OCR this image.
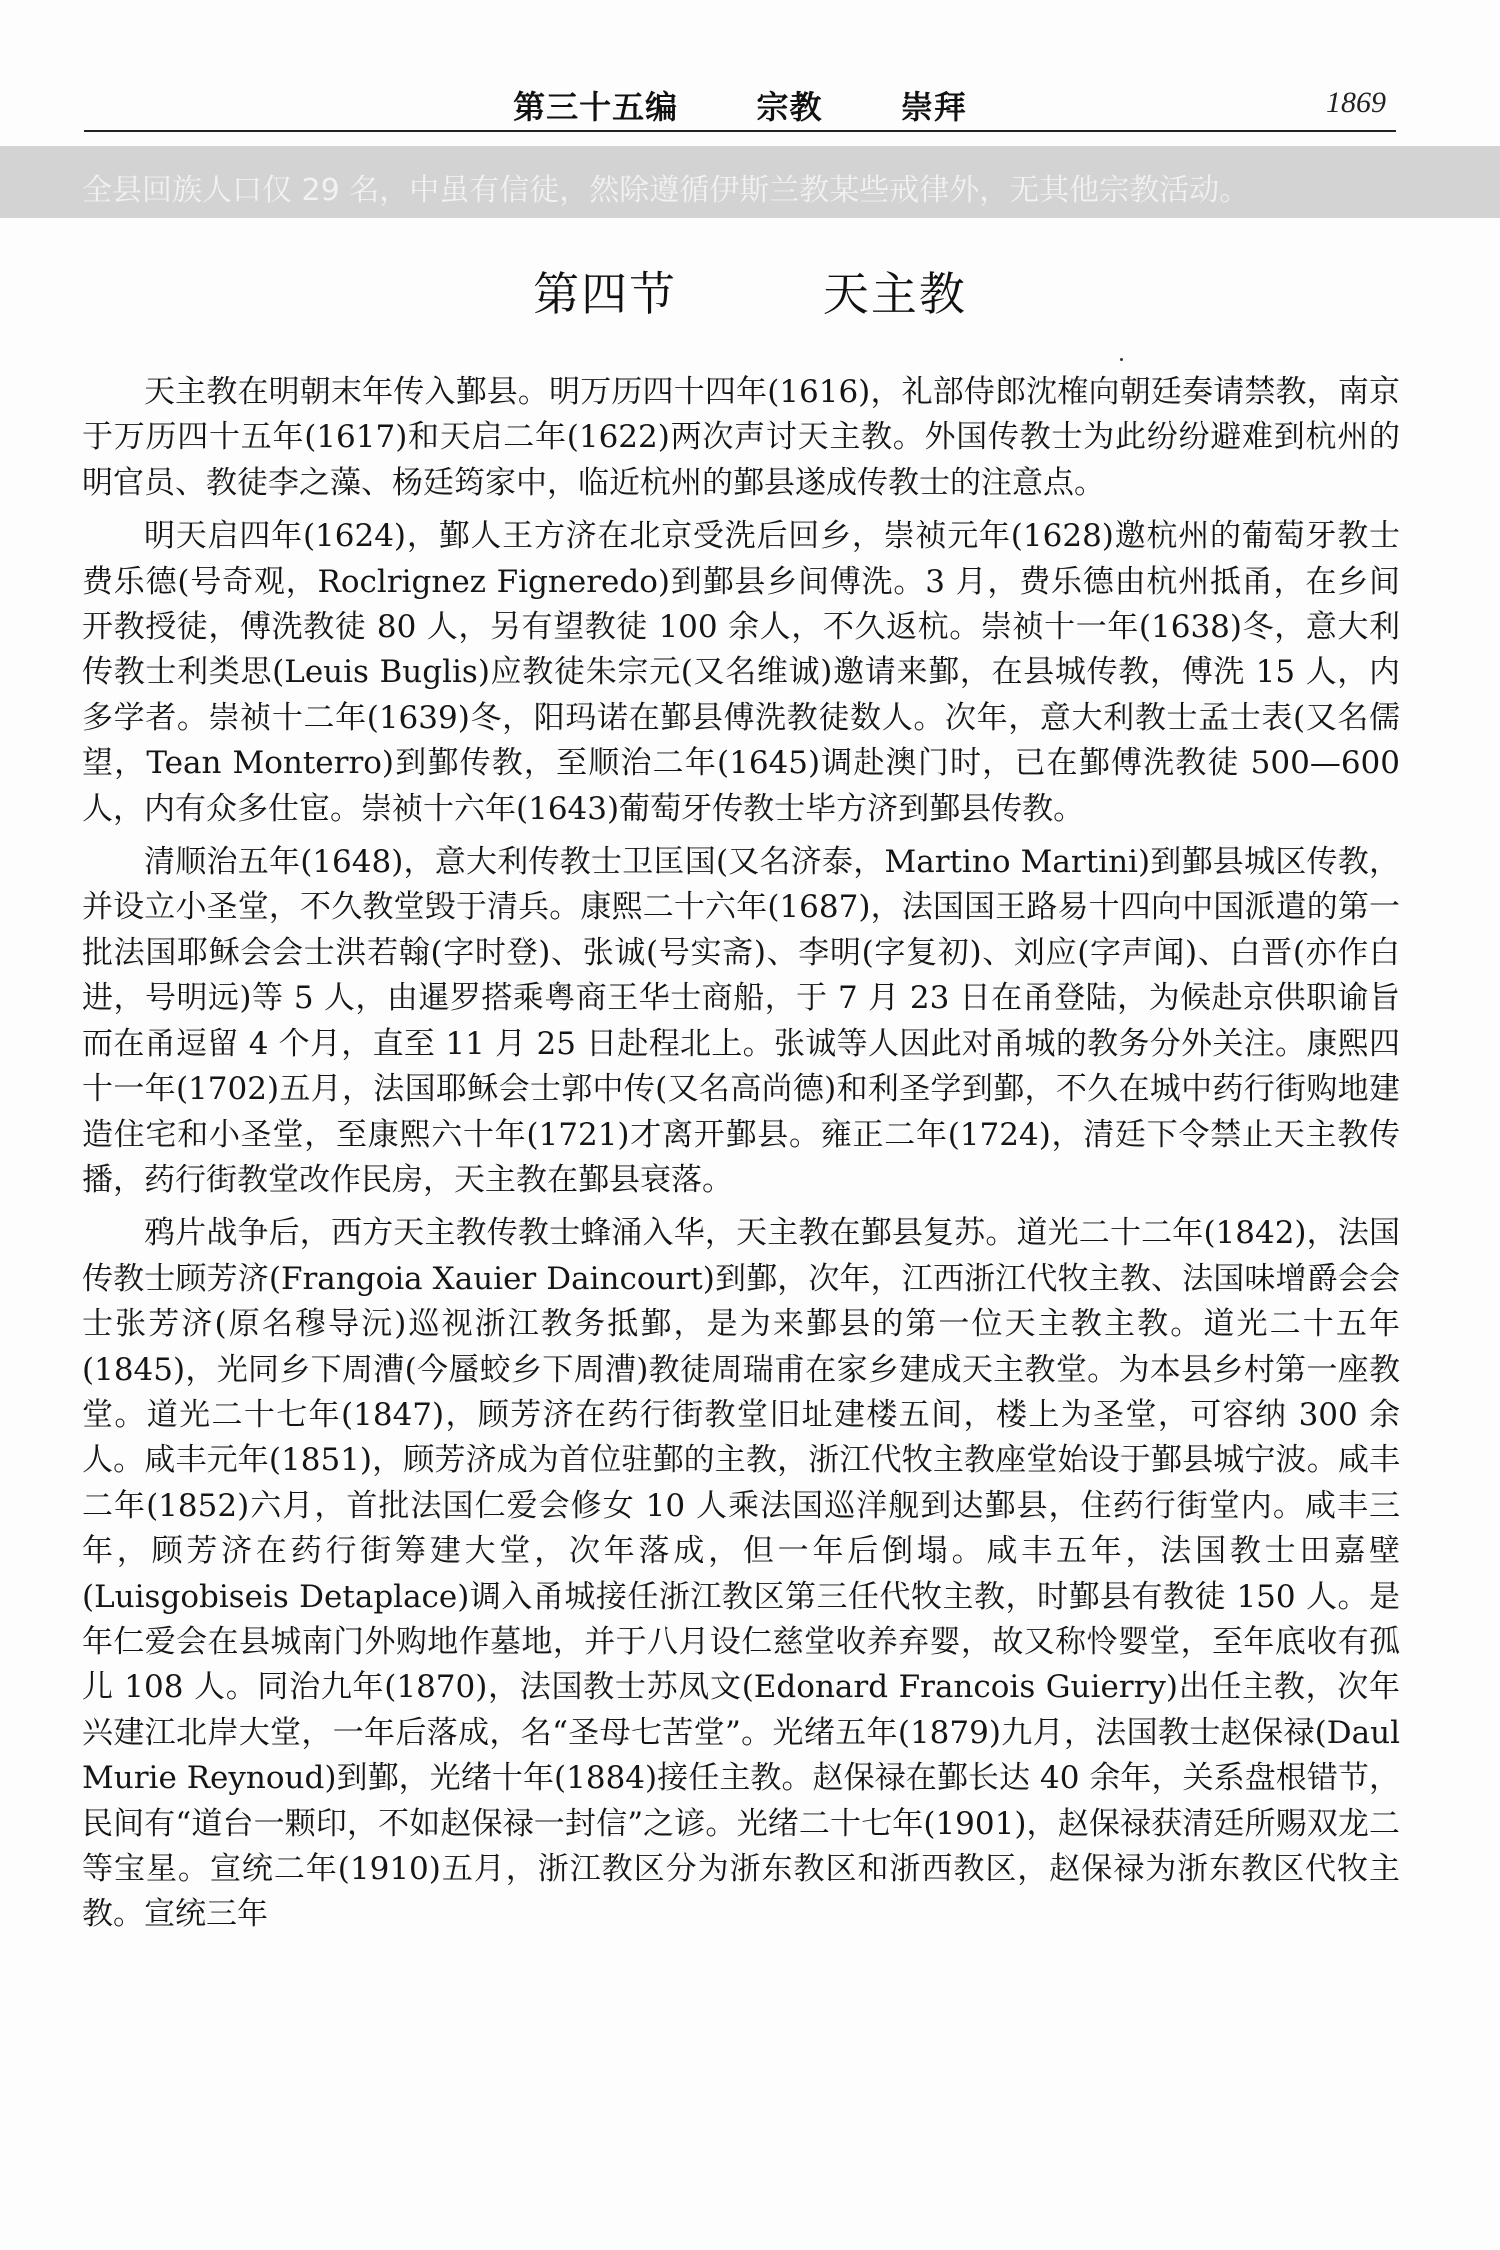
第三十五编   宗教   崇拜	1869
全县回族人口仅 29 名，中虽有信徒，然除遵循伊斯兰教某些戒律外，无其他宗教活动。
第四节   天主教

天主教在明朝末年传入鄞县。明万历四十四年(1616)，礼部侍郎沈榷向朝廷奏请禁教，南京于万历四十五年(1617)和天启二年(1622)两次声讨天主教。外国传教士为此纷纷避难到杭州的明官员、教徒李之藻、杨廷筠家中，临近杭州的鄞县遂成传教士的注意点。

明天启四年(1624)，鄞人王方济在北京受洗后回乡，崇祯元年(1628)邀杭州的葡萄牙教士费乐德(号奇观，Roclrignez Figneredo)到鄞县乡间傅洗。3 月，费乐德由杭州抵甬，在乡间开教授徒，傅洗教徒 80 人，另有望教徒 100 余人，不久返杭。崇祯十一年(1638)冬，意大利传教士利类思(Leuis Buglis)应教徒朱宗元(又名维诚)邀请来鄞，在县城传教，傅洗 15 人，内多学者。崇祯十二年(1639)冬，阳玛诺在鄞县傅洗教徒数人。次年，意大利教士孟士表(又名儒望，Tean Monterro)到鄞传教，至顺治二年(1645)调赴澳门时，已在鄞傅洗教徒 500—600 人，内有众多仕宦。崇祯十六年(1643)葡萄牙传教士毕方济到鄞县传教。

清顺治五年(1648)，意大利传教士卫匡国(又名济泰，Martino Martini)到鄞县城区传教，并设立小圣堂，不久教堂毁于清兵。康熙二十六年(1687)，法国国王路易十四向中国派遣的第一批法国耶稣会会士洪若翰(字时登)、张诚(号实斋)、李明(字复初)、刘应(字声闻)、白晋(亦作白进，号明远)等 5 人，由暹罗搭乘粤商王华士商船，于 7 月 23 日在甬登陆，为候赴京供职谕旨而在甬逗留 4 个月，直至 11 月 25 日赴程北上。张诚等人因此对甬城的教务分外关注。康熙四十一年(1702)五月，法国耶稣会士郭中传(又名高尚德)和利圣学到鄞，不久在城中药行街购地建造住宅和小圣堂，至康熙六十年(1721)才离开鄞县。雍正二年(1724)，清廷下令禁止天主教传播，药行街教堂改作民房，天主教在鄞县衰落。

鸦片战争后，西方天主教传教士蜂涌入华，天主教在鄞县复苏。道光二十二年(1842)，法国传教士顾芳济(Frangoia Xauier Daincourt)到鄞，次年，江西浙江代牧主教、法国味增爵会会士张芳济(原名穆导沅)巡视浙江教务抵鄞，是为来鄞县的第一位天主教主教。道光二十五年(1845)，光同乡下周漕(今蜃蛟乡下周漕)教徒周瑞甫在家乡建成天主教堂。为本县乡村第一座教堂。道光二十七年(1847)，顾芳济在药行街教堂旧址建楼五间，楼上为圣堂，可容纳 300 余人。咸丰元年(1851)，顾芳济成为首位驻鄞的主教，浙江代牧主教座堂始设于鄞县城宁波。咸丰二年(1852)六月，首批法国仁爱会修女 10 人乘法国巡洋舰到达鄞县，住药行街堂内。咸丰三年，顾芳济在药行街筹建大堂，次年落成，但一年后倒塌。咸丰五年，法国教士田嘉壁(Luisgobiseis Detaplace)调入甬城接任浙江教区第三任代牧主教，时鄞县有教徒 150 人。是年仁爱会在县城南门外购地作墓地，并于八月设仁慈堂收养弃婴，故又称怜婴堂，至年底收有孤儿 108 人。同治九年(1870)，法国教士苏凤文(Edonard Francois Guierry)出任主教，次年兴建江北岸大堂，一年后落成，名“圣母七苦堂”。光绪五年(1879)九月，法国教士赵保禄(Daul Murie Reynoud)到鄞，光绪十年(1884)接任主教。赵保禄在鄞长达 40 余年，关系盘根错节，民间有“道台一颗印，不如赵保禄一封信”之谚。光绪二十七年(1901)，赵保禄获清廷所赐双龙二等宝星。宣统二年(1910)五月，浙江教区分为浙东教区和浙西教区，赵保禄为浙东教区代牧主教。宣统三年
